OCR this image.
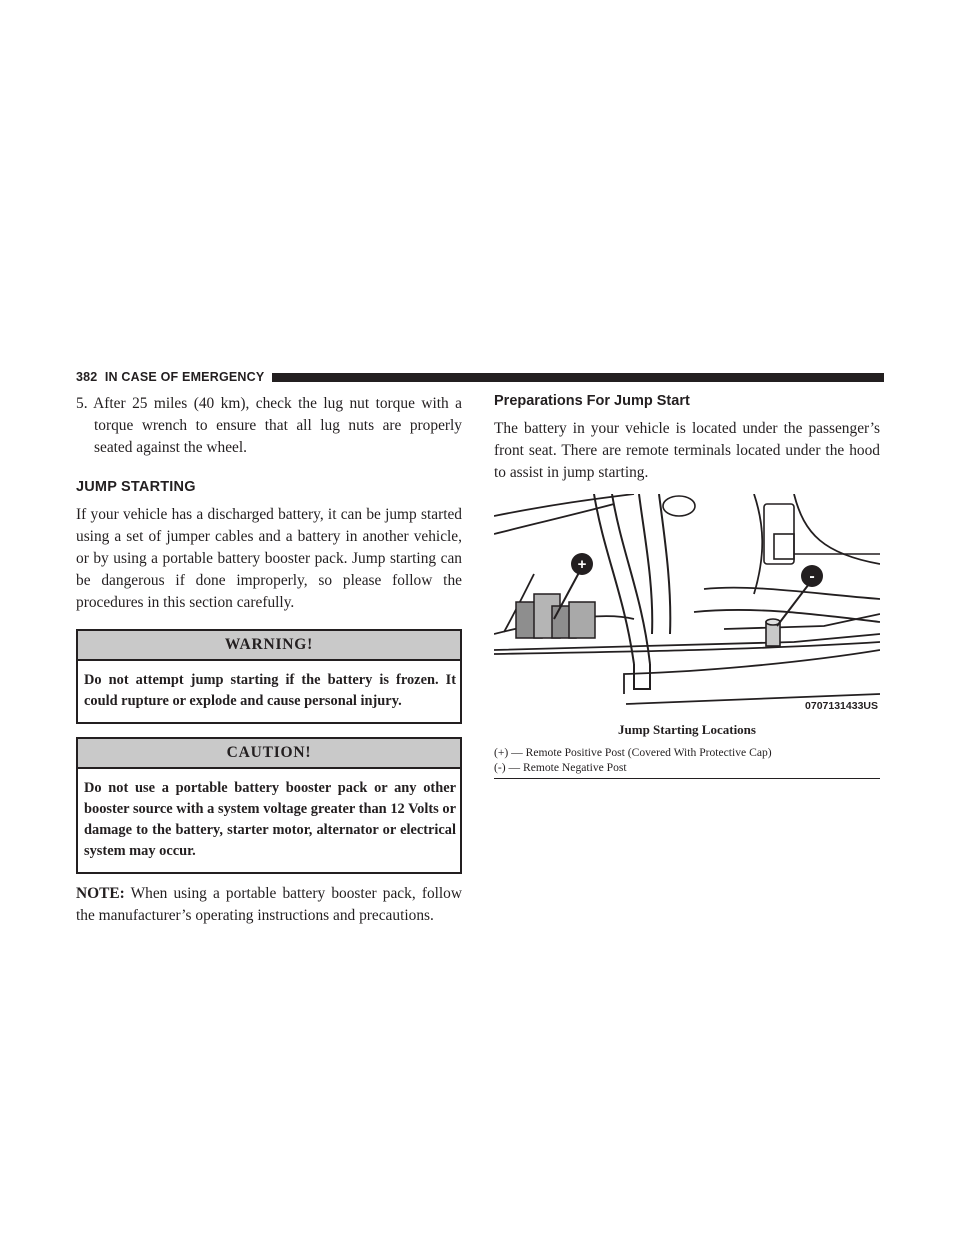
382 IN CASE OF EMERGENCY

5. After 25 miles (40 km), check the lug nut torque with a torque wrench to ensure that all lug nuts are properly seated against the wheel.

JUMP STARTING

If your vehicle has a discharged battery, it can be jump started using a set of jumper cables and a battery in another vehicle, or by using a portable battery booster pack. Jump starting can be dangerous if done improperly, so please follow the procedures in this section carefully.

WARNING!
Do not attempt jump starting if the battery is frozen. It could rupture or explode and cause personal injury.
CAUTION!
Do not use a portable battery booster pack or any other booster source with a system voltage greater than 12 Volts or damage to the battery, starter motor, alternator or electrical system may occur.

NOTE: When using a portable battery booster pack, follow the manufacturer’s operating instructions and precautions.

Preparations For Jump Start

The battery in your vehicle is located under the passenger’s front seat. There are remote terminals located under the hood to assist in jump starting.

+
-
0707131433US
Jump Starting Locations
(+) — Remote Positive Post (Covered With Protective Cap)
(-) — Remote Negative Post
